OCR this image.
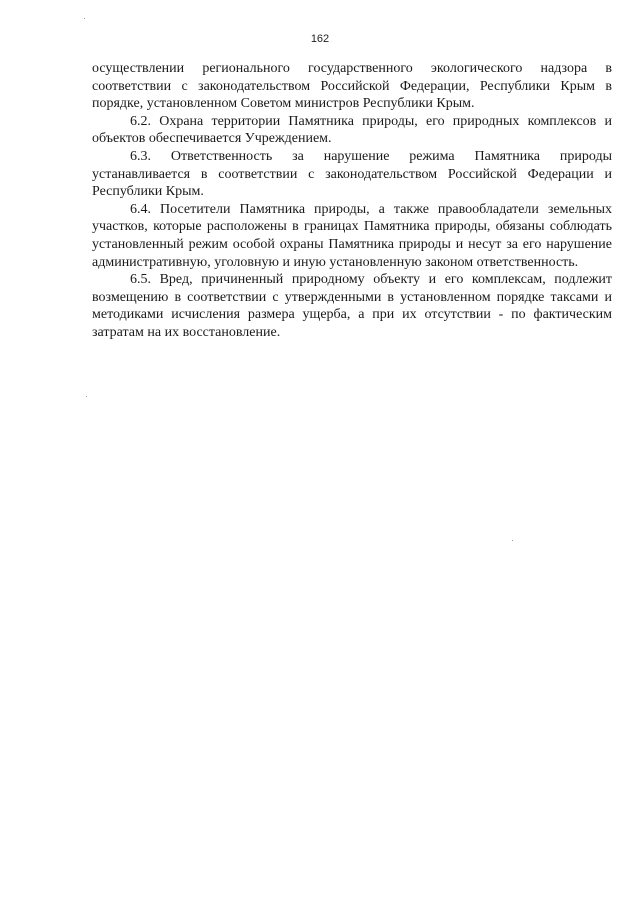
162

осуществлении регионального государственного экологического надзора в соответствии с законодательством Российской Федерации, Республики Крым в порядке, установленном Советом министров Республики Крым.

6.2. Охрана территории Памятника природы, его природных комплексов и объектов обеспечивается Учреждением.

6.3. Ответственность за нарушение режима Памятника природы устанавливается в соответствии с законодательством Российской Федерации и Республики Крым.

6.4. Посетители Памятника природы, а также правообладатели земельных участков, которые расположены в границах Памятника природы, обязаны соблюдать установленный режим особой охраны Памятника природы и несут за его нарушение административную, уголовную и иную установленную законом ответственность.

6.5. Вред, причиненный природному объекту и его комплексам, подлежит возмещению в соответствии с утвержденными в установленном порядке таксами и методиками исчисления размера ущерба, а при их отсутствии - по фактическим затратам на их восстановление.
